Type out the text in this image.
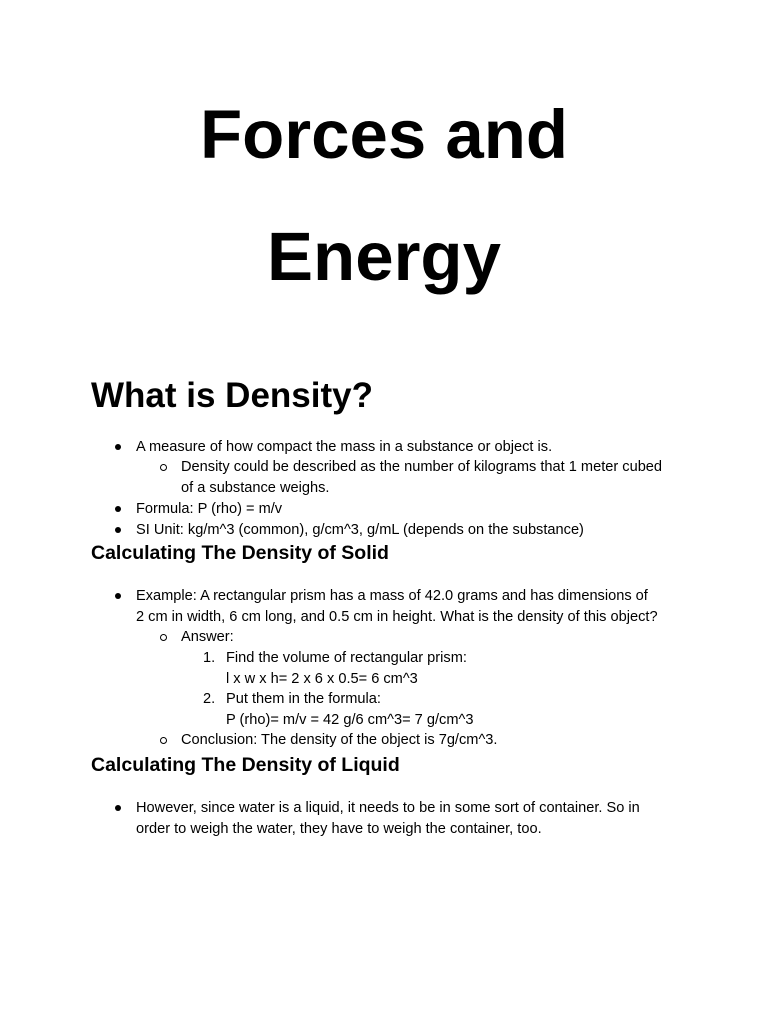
Forces and
Energy
What is Density?
A measure of how compact the mass in a substance or object is.
Density could be described as the number of kilograms that 1 meter cubed
of a substance weighs.
Formula: P (rho) = m/v
SI Unit: kg/m^3 (common), g/cm^3, g/mL (depends on the substance)
Calculating The Density of Solid
Example: A rectangular prism has a mass of 42.0 grams and has dimensions of
2 cm in width, 6 cm long, and 0.5 cm in height. What is the density of this object?
Answer:
1. Find the volume of rectangular prism:
l x w x h= 2 x 6 x 0.5= 6 cm^3
2. Put them in the formula:
P (rho)= m/v = 42 g/6 cm^3= 7 g/cm^3
Conclusion: The density of the object is 7g/cm^3.
Calculating The Density of Liquid
However, since water is a liquid, it needs to be in some sort of container. So in
order to weigh the water, they have to weigh the container, too.
